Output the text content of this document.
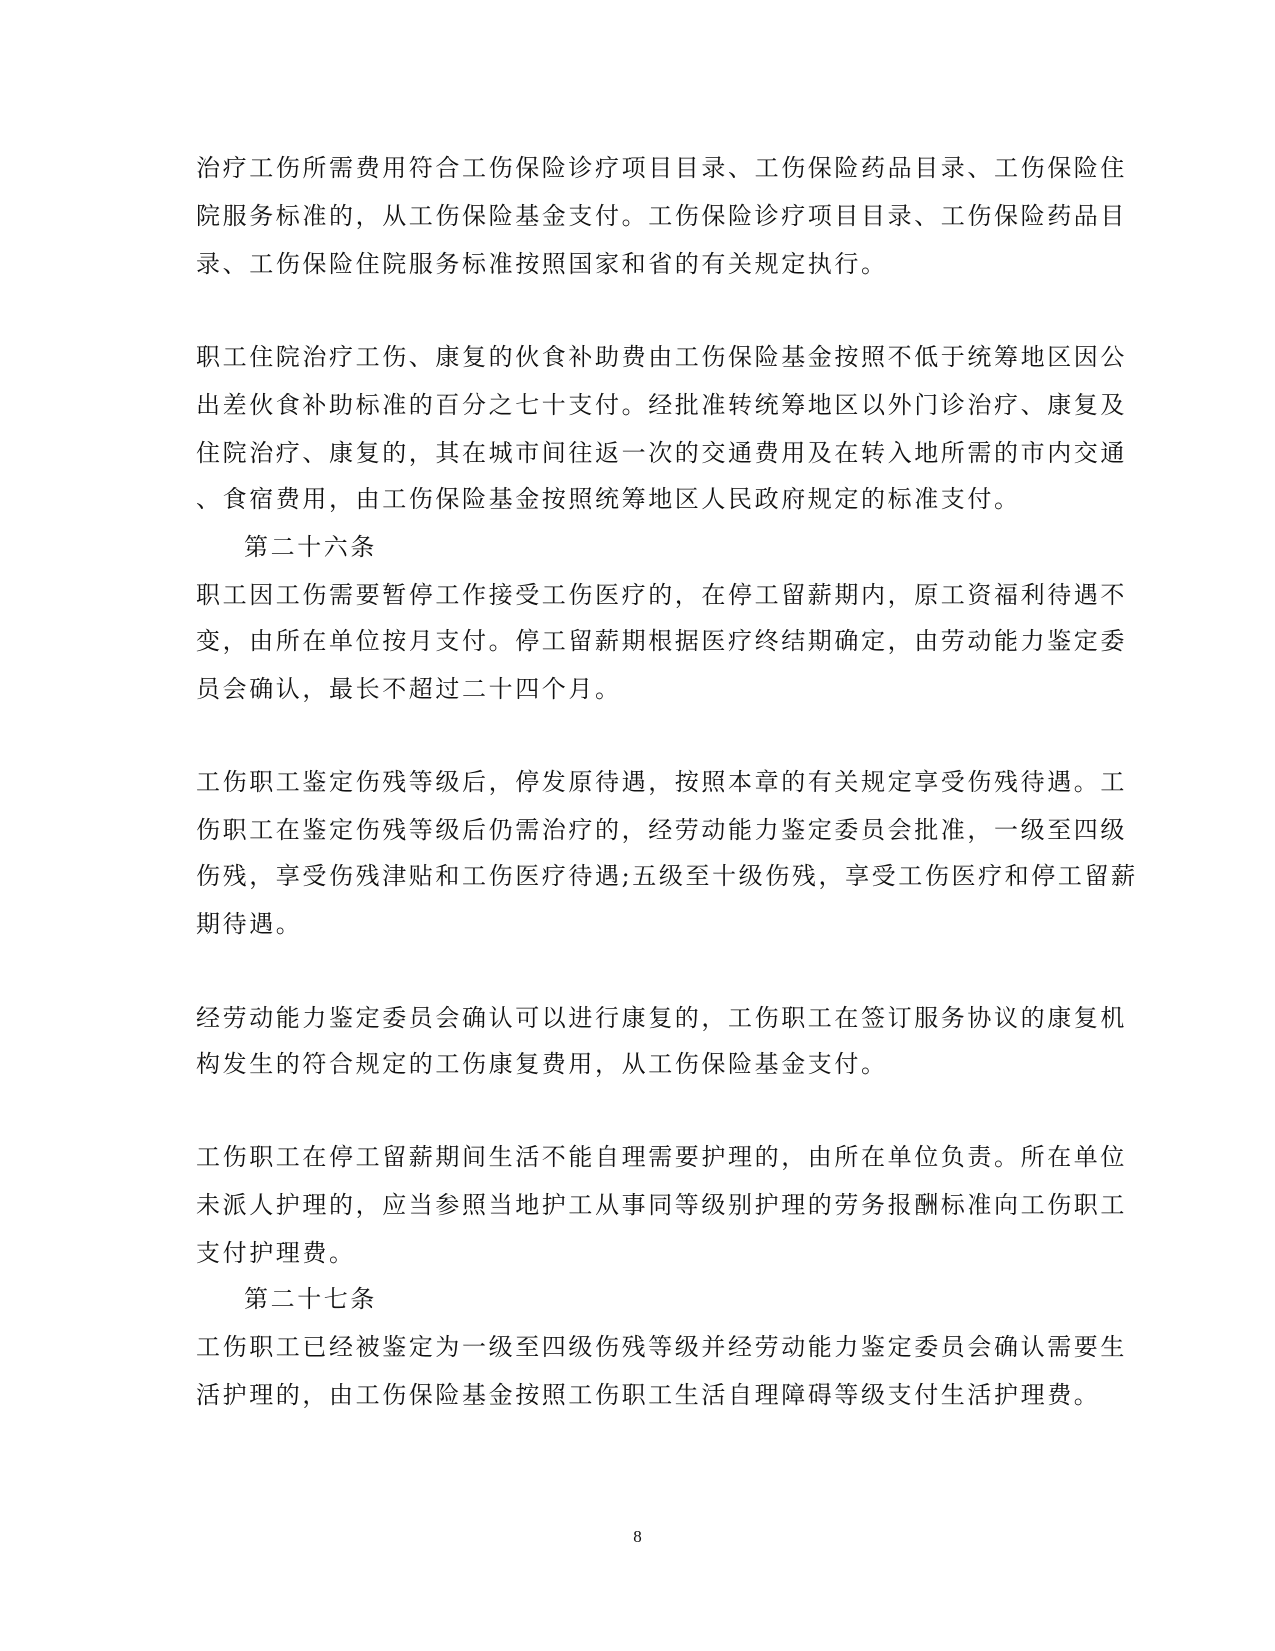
治疗工伤所需费用符合工伤保险诊疗项目目录、工伤保险药品目录、工伤保险住
院服务标准的，从工伤保险基金支付。工伤保险诊疗项目目录、工伤保险药品目
录、工伤保险住院服务标准按照国家和省的有关规定执行。
职工住院治疗工伤、康复的伙食补助费由工伤保险基金按照不低于统筹地区因公
出差伙食补助标准的百分之七十支付。经批准转统筹地区以外门诊治疗、康复及
住院治疗、康复的，其在城市间往返一次的交通费用及在转入地所需的市内交通
、食宿费用，由工伤保险基金按照统筹地区人民政府规定的标准支付。
第二十六条
职工因工伤需要暂停工作接受工伤医疗的，在停工留薪期内，原工资福利待遇不
变，由所在单位按月支付。停工留薪期根据医疗终结期确定，由劳动能力鉴定委
员会确认，最长不超过二十四个月。
工伤职工鉴定伤残等级后，停发原待遇，按照本章的有关规定享受伤残待遇。工
伤职工在鉴定伤残等级后仍需治疗的，经劳动能力鉴定委员会批准，一级至四级
伤残，享受伤残津贴和工伤医疗待遇;五级至十级伤残，享受工伤医疗和停工留薪
期待遇。
经劳动能力鉴定委员会确认可以进行康复的，工伤职工在签订服务协议的康复机
构发生的符合规定的工伤康复费用，从工伤保险基金支付。
工伤职工在停工留薪期间生活不能自理需要护理的，由所在单位负责。所在单位
未派人护理的，应当参照当地护工从事同等级别护理的劳务报酬标准向工伤职工
支付护理费。
第二十七条
工伤职工已经被鉴定为一级至四级伤残等级并经劳动能力鉴定委员会确认需要生
活护理的，由工伤保险基金按照工伤职工生活自理障碍等级支付生活护理费。
8
